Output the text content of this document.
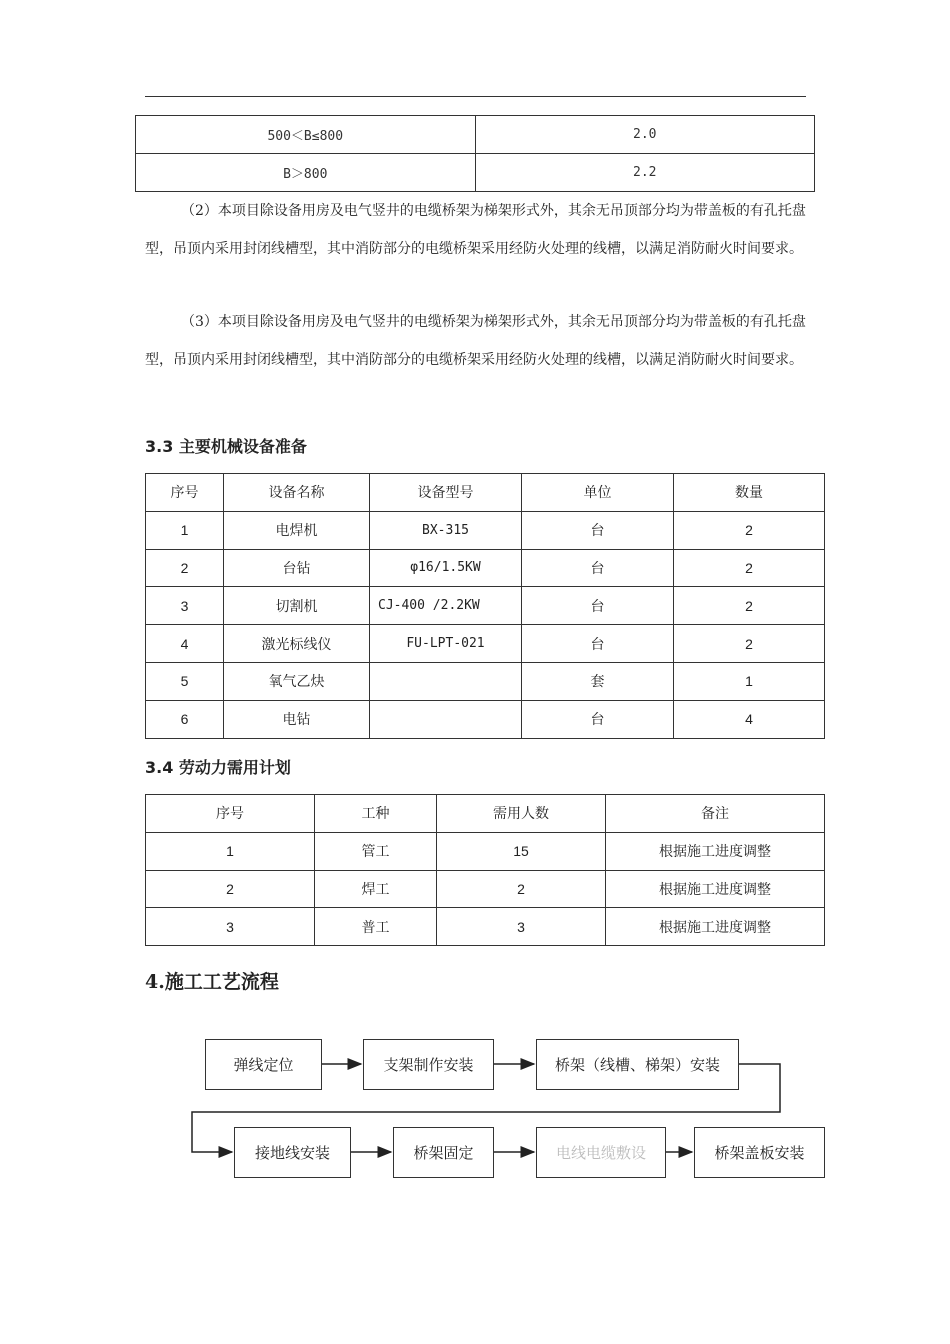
500＜B≤800	2.0
B＞800	2.2

（2）本项目除设备用房及电气竖井的电缆桥架为梯架形式外，其余无吊顶部分均为带盖板的有孔托盘型，吊顶内采用封闭线槽型，其中消防部分的电缆桥架采用经防火处理的线槽，以满足消防耐火时间要求。

（3）本项目除设备用房及电气竖井的电缆桥架为梯架形式外，其余无吊顶部分均为带盖板的有孔托盘型，吊顶内采用封闭线槽型，其中消防部分的电缆桥架采用经防火处理的线槽，以满足消防耐火时间要求。

3.3 主要机械设备准备
序号	设备名称	设备型号	单位	数量
1	电焊机	BX-315	台	2
2	台钻	φ16/1.5KW	台	2
3	切割机	CJ-400 /2.2KW	台	2
4	激光标线仪	FU-LPT-021	台	2
5	氧气乙炔		套	1
6	电钻		台	4
3.4 劳动力需用计划
序号	工种	需用人数	备注
1	管工	15	根据施工进度调整
2	焊工	2	根据施工进度调整
3	普工	3	根据施工进度调整
4.施工工艺流程
弹线定位	支架制作安装	桥架（线槽、梯架）安装
接地线安装	桥架固定	电线电缆敷设	桥架盖板安装
